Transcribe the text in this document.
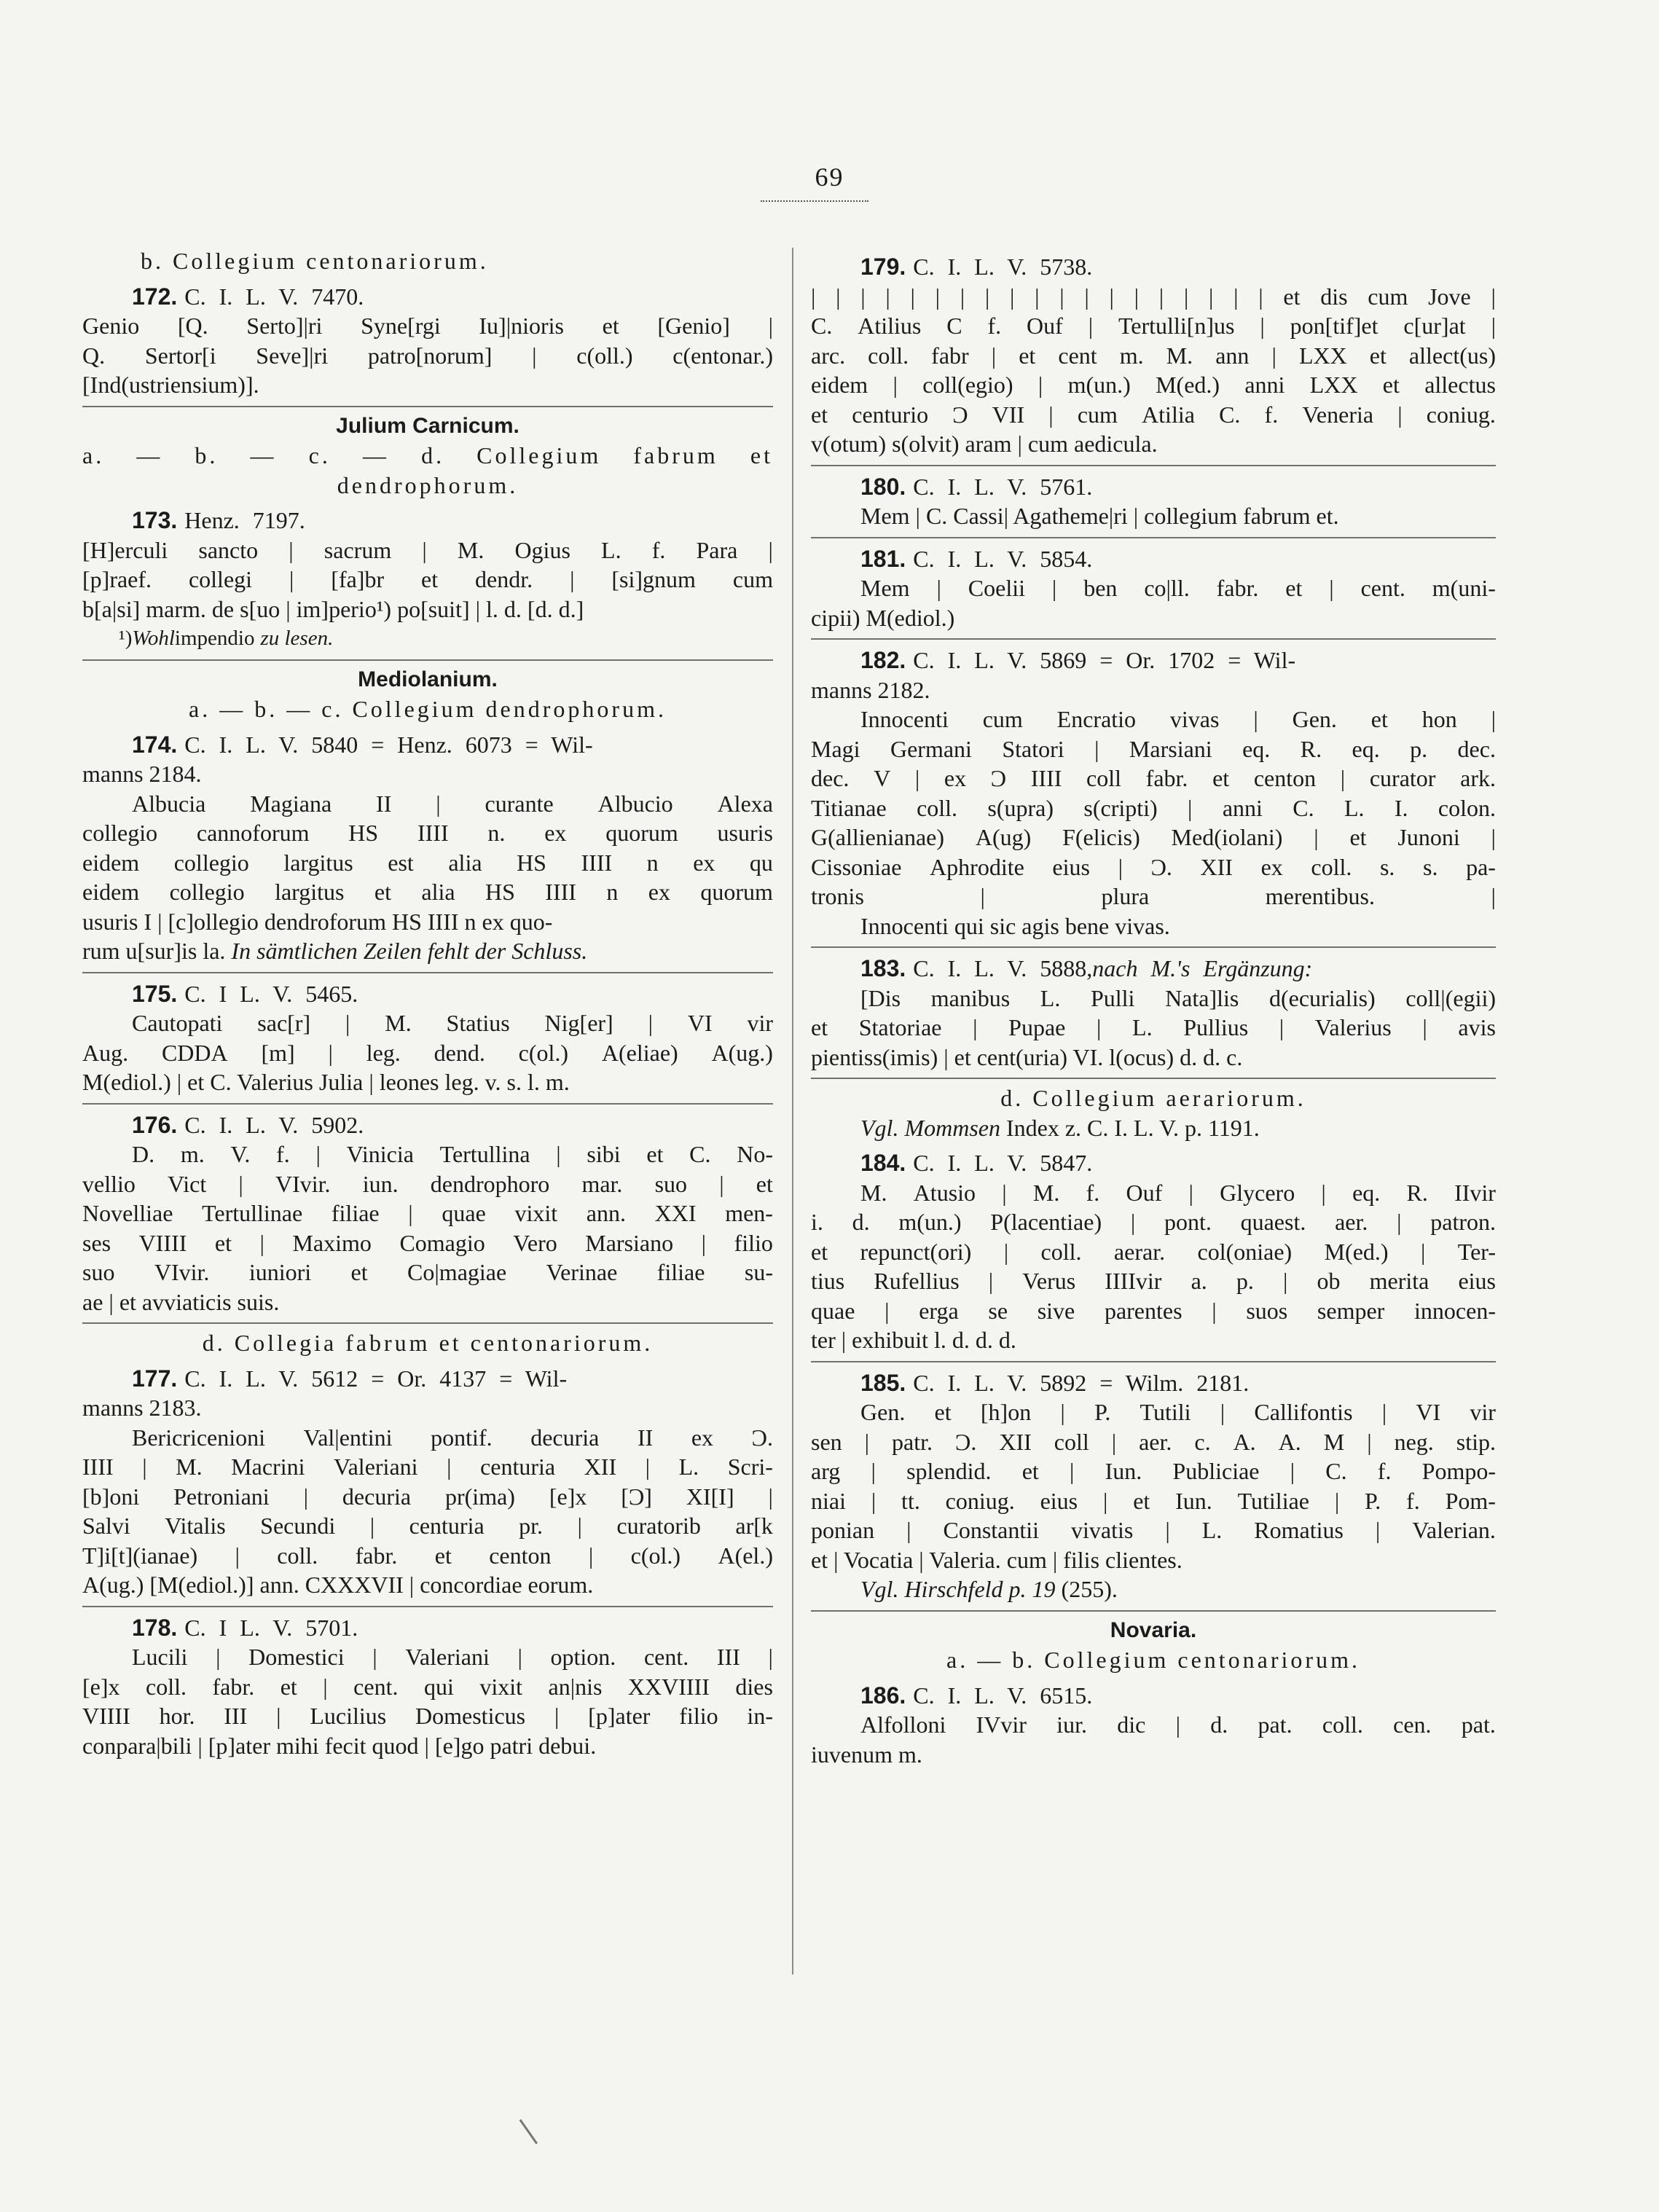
69
b. Collegium centonariorum.
172. C. I. L. V. 7470.
Genio [Q. Serto]|ri Syne[rgi Iu]|nioris et [Genio] |
Q. Sertor[i Seve]|ri patro[norum] | c(oll.) c(entonar.)
[Ind(ustriensium)].
Julium Carnicum.
a. — b. — c. — d. Collegium fabrum et
dendrophorum.
173. Henz. 7197.
[H]erculi sancto | sacrum | M. Ogius L. f. Para |
[p]raef. collegi | [fa]br et dendr. | [si]gnum cum
b[a|si] marm. de s[uo | im]perio¹) po[suit] | l. d. [d. d.]
¹) Wohl impendio zu lesen.
Mediolanium.
a. — b. — c. Collegium dendrophorum.
174. C. I. L. V. 5840 = Henz. 6073 = Wil-
manns 2184.
Albucia Magiana II | curante Albucio Alexa
collegio cannoforum HS IIII n. ex quorum usuris
eidem collegio largitus est alia HS IIII n ex qu
eidem collegio largitus et alia HS IIII n ex quorum
usuris I | [c]ollegio dendroforum HS IIII n ex quo-
rum u[sur]is la. In sämtlichen Zeilen fehlt der Schluss.
175. C. I L. V. 5465.
Cautopati sac[r] | M. Statius Nig[er] | VI vir
Aug. CDDA [m] | leg. dend. c(ol.) A(eliae) A(ug.)
M(ediol.) | et C. Valerius Julia | leones leg. v. s. l. m.
176. C. I. L. V. 5902.
D. m. V. f. | Vinicia Tertullina | sibi et C. No-
vellio Vict | VIvir. iun. dendrophoro mar. suo | et
Novelliae Tertullinae filiae | quae vixit ann. XXI men-
ses VIIII et | Maximo Comagio Vero Marsiano | filio
suo VIvir. iuniori et Co|magiae Verinae filiae su-
ae | et avviaticis suis.
d. Collegia fabrum et centonariorum.
177. C. I. L. V. 5612 = Or. 4137 = Wil-
manns 2183.
Bericricenioni Val|entini pontif. decuria II ex Ͻ.
IIII | M. Macrini Valeriani | centuria XII | L. Scri-
[b]oni Petroniani | decuria pr(ima) [e]x [Ͻ] XI[I] |
Salvi Vitalis Secundi | centuria pr. | curatorib ar[k
T]i[t](ianae) | coll. fabr. et centon | c(ol.) A(el.)
A(ug.) [M(ediol.)] ann. CXXXVII | concordiae eorum.
178. C. I L. V. 5701.
Lucili | Domestici | Valeriani | option. cent. III |
[e]x coll. fabr. et | cent. qui vixit an|nis XXVIIII dies
VIIII hor. III | Lucilius Domesticus | [p]ater filio in-
conpara|bili | [p]ater mihi fecit quod | [e]go patri debui.
179. C. I. L. V. 5738.
| | | | | | | | | | | | | | | | | | | et dis cum Jove |
C. Atilius C f. Ouf | Tertulli[n]us | pon[tif]et c[ur]at |
arc. coll. fabr | et cent m. M. ann | LXX et allect(us)
eidem | coll(egio) | m(un.) M(ed.) anni LXX et allectus
et centurio Ͻ VII | cum Atilia C. f. Veneria | coniug.
v(otum) s(olvit) aram | cum aedicula.
180. C. I. L. V. 5761.
Mem | C. Cassi| Agatheme|ri | collegium fabrum et.
181. C. I. L. V. 5854.
Mem | Coelii | ben co|ll. fabr. et | cent. m(uni-
cipii) M(ediol.)
182. C. I. L. V. 5869 = Or. 1702 = Wil-
manns 2182.
Innocenti cum Encratio vivas | Gen. et hon |
Magi Germani Statori | Marsiani eq. R. eq. p. dec.
dec. V | ex Ͻ IIII coll fabr. et centon | curator ark.
Titianae coll. s(upra) s(cripti) | anni C. L. I. colon.
G(allienianae) A(ug) F(elicis) Med(iolani) | et Junoni |
Cissoniae Aphrodite eius | Ͻ. XII ex coll. s. s. pa-
tronis	|	plura	merentibus.	|
Innocenti qui sic agis bene vivas.
183. C. I. L. V. 5888, nach M.'s Ergänzung:
[Dis manibus L. Pulli Nata]lis d(ecurialis) coll|(egii)
et Statoriae | Pupae | L. Pullius | Valerius | avis
pientiss(imis) | et cent(uria) VI. l(ocus) d. d. c.
d. Collegium aerariorum.
Vgl. Mommsen Index z. C. I. L. V. p. 1191.
184. C. I. L. V. 5847.
M. Atusio | M. f. Ouf | Glycero | eq. R. IIvir
i. d. m(un.) P(lacentiae) | pont. quaest. aer. | patron.
et repunct(ori) | coll. aerar. col(oniae) M(ed.) | Ter-
tius Rufellius | Verus IIIIvir a. p. | ob merita eius
quae | erga se sive parentes | suos semper innocen-
ter | exhibuit l. d. d. d.
185. C. I. L. V. 5892 = Wilm. 2181.
Gen. et [h]on | P. Tutili | Callifontis | VI vir
sen | patr. Ͻ. XII coll | aer. c. A. A. M | neg. stip.
arg | splendid. et | Iun. Publiciae | C. f. Pompo-
niai | tt. coniug. eius | et Iun. Tutiliae | P. f. Pom-
ponian | Constantii vivatis | L. Romatius | Valerian.
et | Vocatia | Valeria. cum | filis clientes.
Vgl. Hirschfeld p. 19 (255).
Novaria.
a. — b. Collegium centonariorum.
186. C. I. L. V. 6515.
Alfolloni IVvir iur. dic | d. pat. coll. cen. pat.
iuvenum m.
